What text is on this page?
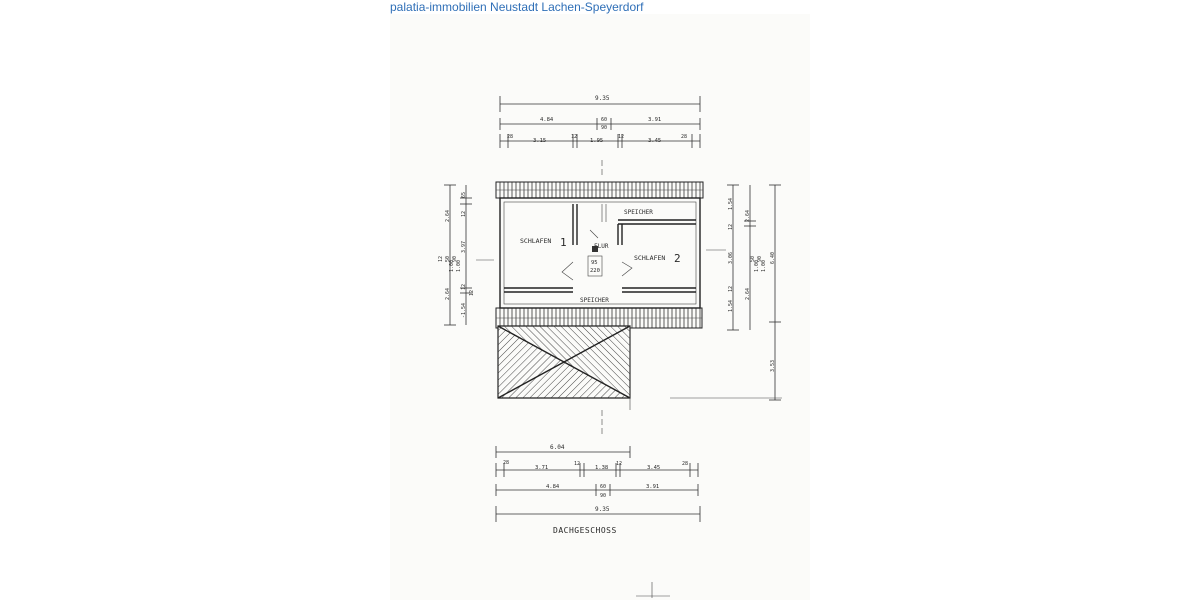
palatia-immobilien Neustadt Lachen-Speyerdorf
9.35
4.84	60
90
3.91
28
3.15
12
1.95
12
3.45
28
2.64 12
65
3.97
12 50 90
1.00 1.00
2.64
12
-1.54
12
1.54
2.64
12
3.06	50 90
1.00 1.00
1.54
12 2.64
6.40
3.53
SPEICHER
SCHLAFEN 1	FLUR
95
220
SCHLAFEN 2
SPEICHER
6.04
28
3.71
12
1.38
12
3.45
28
4.84	60
90
3.91
9.35
DACHGESCHOSS
